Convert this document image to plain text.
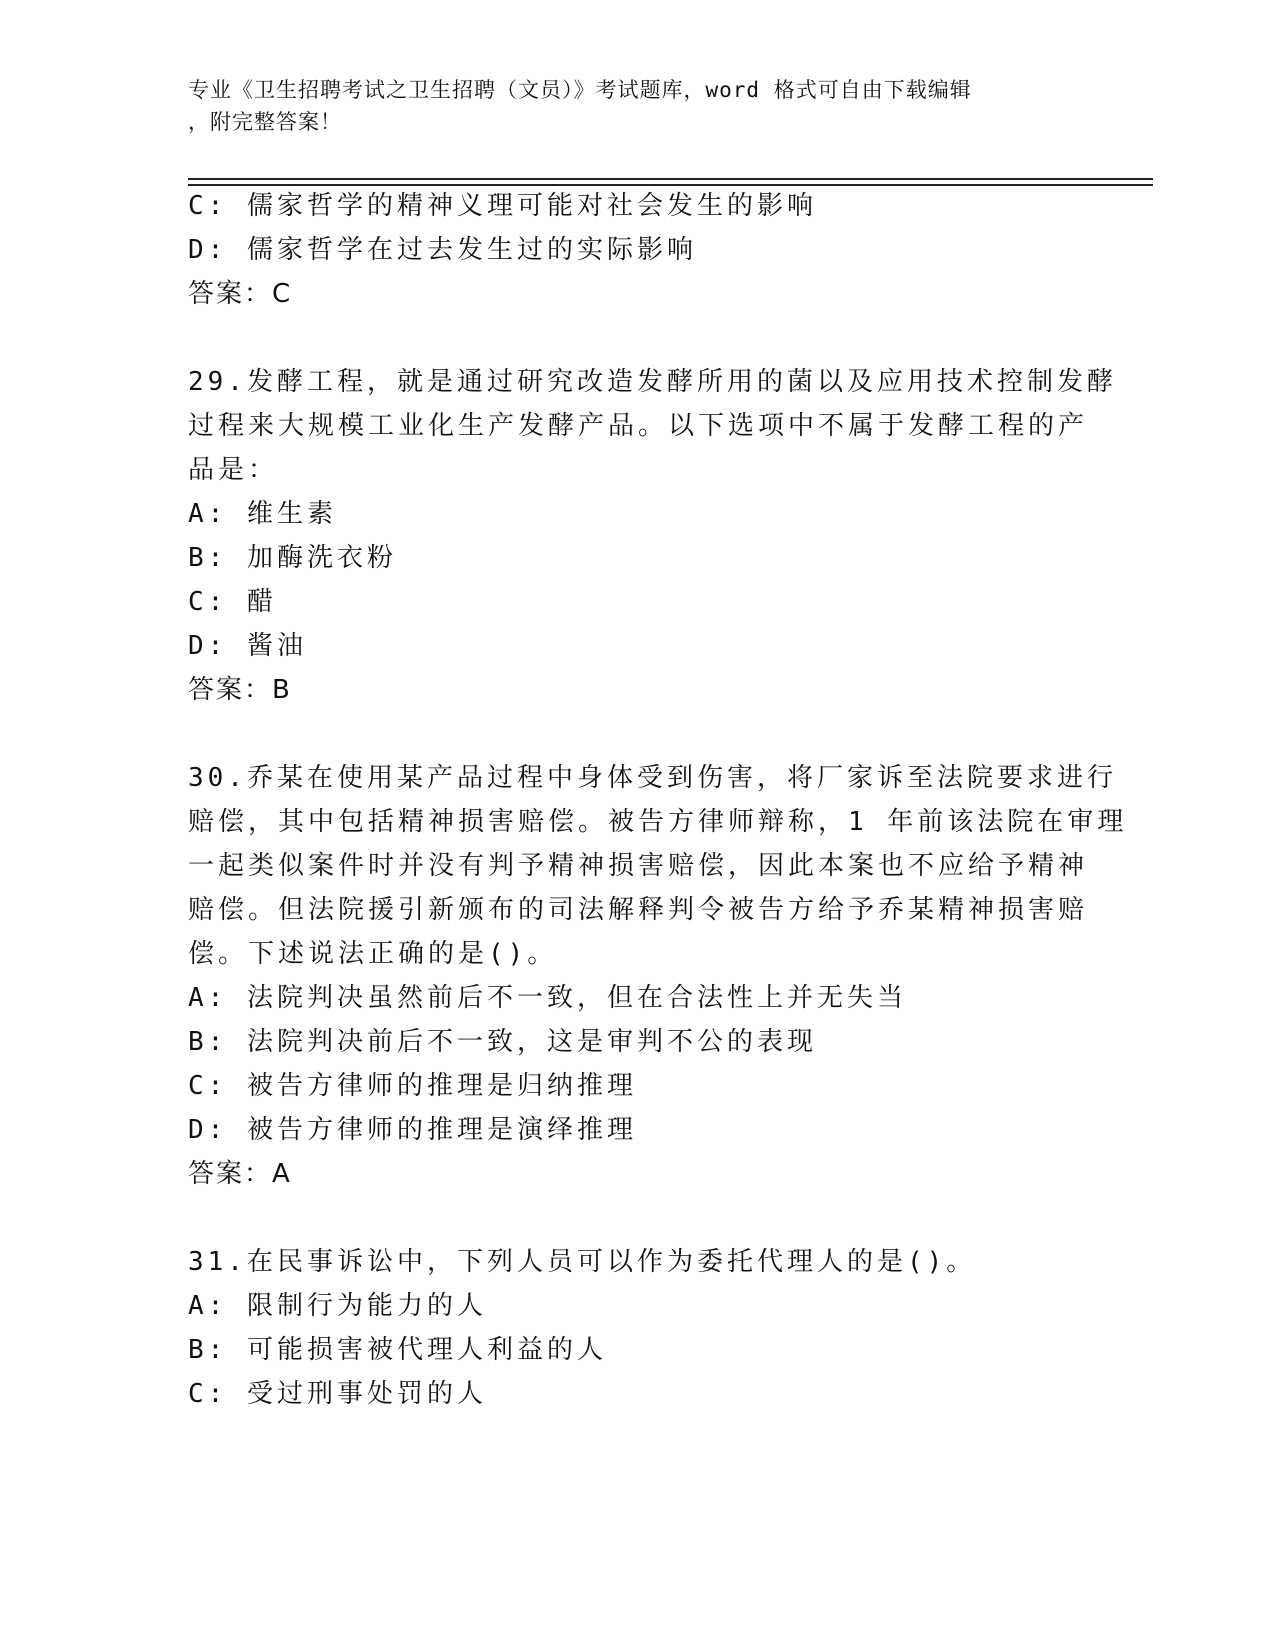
专业《卫生招聘考试之卫生招聘（文员）》考试题库，word 格式可自由下载编辑
，附完整答案！
C: 儒家哲学的精神义理可能对社会发生的影响
D: 儒家哲学在过去发生过的实际影响
答案：C
29.发酵工程，就是通过研究改造发酵所用的菌以及应用技术控制发酵
过程来大规模工业化生产发酵产品。以下选项中不属于发酵工程的产
品是：
A: 维生素
B: 加酶洗衣粉
C: 醋
D: 酱油
答案：B
30.乔某在使用某产品过程中身体受到伤害，将厂家诉至法院要求进行
赔偿，其中包括精神损害赔偿。被告方律师辩称，1 年前该法院在审理
一起类似案件时并没有判予精神损害赔偿，因此本案也不应给予精神
赔偿。但法院援引新颁布的司法解释判令被告方给予乔某精神损害赔
偿。下述说法正确的是()。
A: 法院判决虽然前后不一致，但在合法性上并无失当
B: 法院判决前后不一致，这是审判不公的表现
C: 被告方律师的推理是归纳推理
D: 被告方律师的推理是演绎推理
答案：A
31.在民事诉讼中，下列人员可以作为委托代理人的是()。
A: 限制行为能力的人
B: 可能损害被代理人利益的人
C: 受过刑事处罚的人
